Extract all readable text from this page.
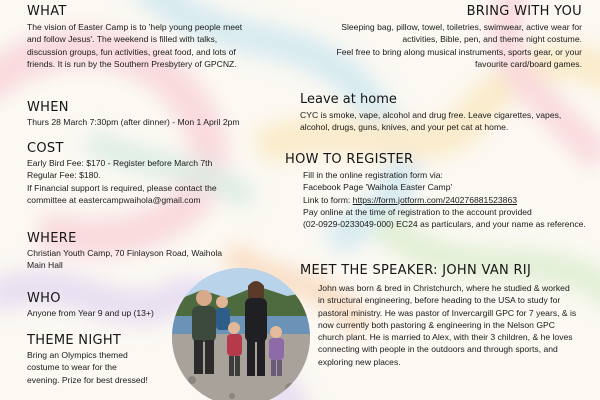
WHAT
The vision of Easter Camp is to 'help young people meet
and follow Jesus'. The weekend is filled with talks,
discussion groups, fun activities, great food, and lots of
friends. It is run by the Southern Presbytery of GPCNZ.
WHEN
Thurs 28 March 7:30pm (after dinner) - Mon 1 April 2pm
COST
Early Bird Fee: $170 - Register before March 7th
Regular Fee: $180.
If Financial support is required, please contact the
committee at eastercampwaihola@gmail.com
WHERE
Christian Youth Camp, 70 Finlayson Road, Waihola
Main Hall
WHO
Anyone from Year 9 and up (13+)
THEME NIGHT
Bring an Olympics themed
costume to wear for the
evening. Prize for best dressed!
BRING WITH YOU
Sleeping bag, pillow, towel, toiletries, swimwear, active wear for
activities, Bible, pen, and theme night costume.
Feel free to bring along musical instruments, sports gear, or your
favourite card/board games.
Leave at home
CYC is smoke, vape, alcohol and drug free. Leave cigarettes, vapes,
alcohol, drugs, guns, knives, and your pet cat at home.
HOW TO REGISTER
Fill in the online registration form via:
Facebook Page 'Waihola Easter Camp'
Link to form: https://form.jotform.com/240276881523863
Pay online at the time of registration to the account provided
(02-0929-0233049-000) EC24 as particulars, and your name as reference.
MEET THE SPEAKER: JOHN VAN RIJ
John was born & bred in Christchurch, where he studied & worked
in structural engineering, before heading to the USA to study for
pastoral ministry. He was pastor of Invercargill GPC for 7 years, & is
now currently both pastoring & engineering in the Nelson GPC
church plant. He is married to Alex, with their 3 children, & he loves
connecting with people in the outdoors and through sports, and
exploring new places.
